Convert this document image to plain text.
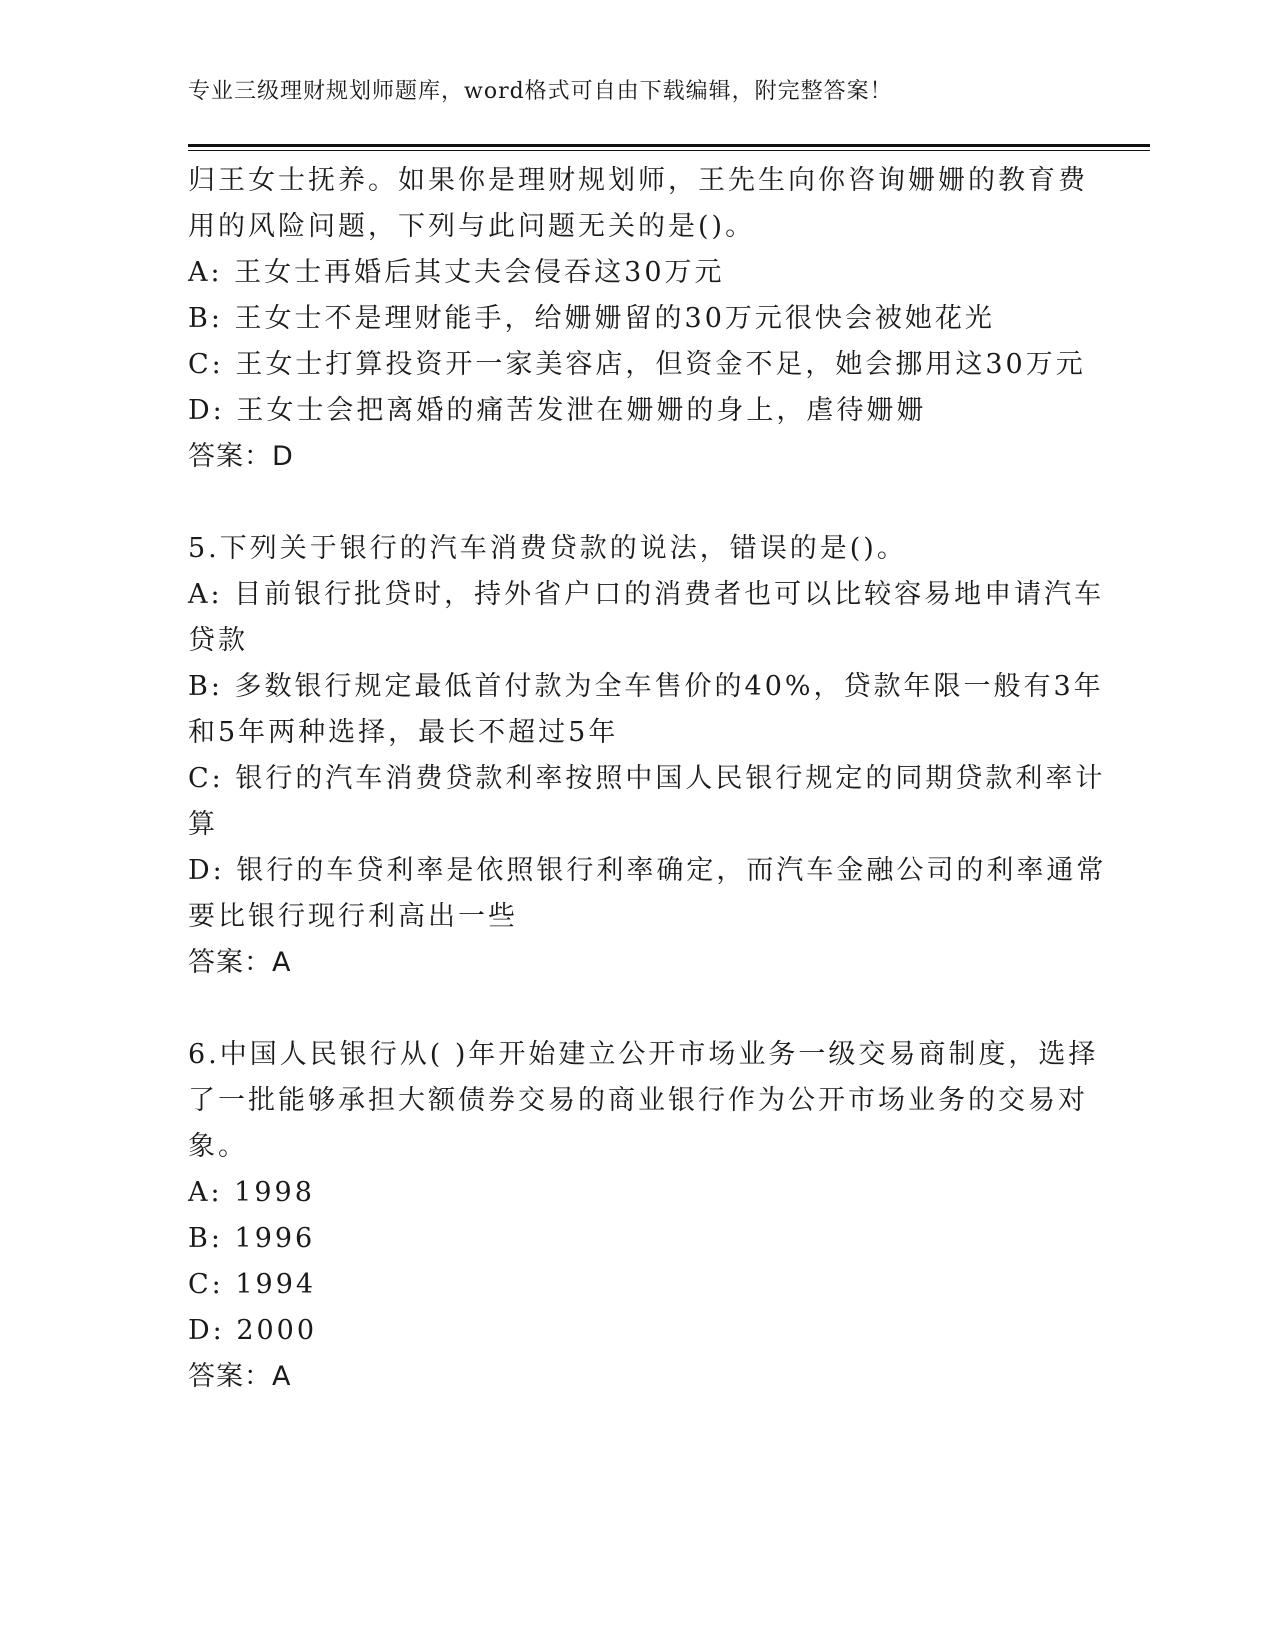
专业三级理财规划师题库，word格式可自由下载编辑，附完整答案！
归王女士抚养。如果你是理财规划师，王先生向你咨询姗姗的教育费
用的风险问题，下列与此问题无关的是()。
A: 王女士再婚后其丈夫会侵吞这30万元
B: 王女士不是理财能手，给姗姗留的30万元很快会被她花光
C: 王女士打算投资开一家美容店，但资金不足，她会挪用这30万元
D: 王女士会把离婚的痛苦发泄在姗姗的身上，虐待姗姗
答案：D
5.下列关于银行的汽车消费贷款的说法，错误的是()。
A: 目前银行批贷时，持外省户口的消费者也可以比较容易地申请汽车
贷款
B: 多数银行规定最低首付款为全车售价的40%，贷款年限一般有3年
和5年两种选择，最长不超过5年
C: 银行的汽车消费贷款利率按照中国人民银行规定的同期贷款利率计
算
D: 银行的车贷利率是依照银行利率确定，而汽车金融公司的利率通常
要比银行现行利高出一些
答案：A
6.中国人民银行从( )年开始建立公开市场业务一级交易商制度，选择
了一批能够承担大额债券交易的商业银行作为公开市场业务的交易对
象。
A: 1998
B: 1996
C: 1994
D: 2000
答案：A
